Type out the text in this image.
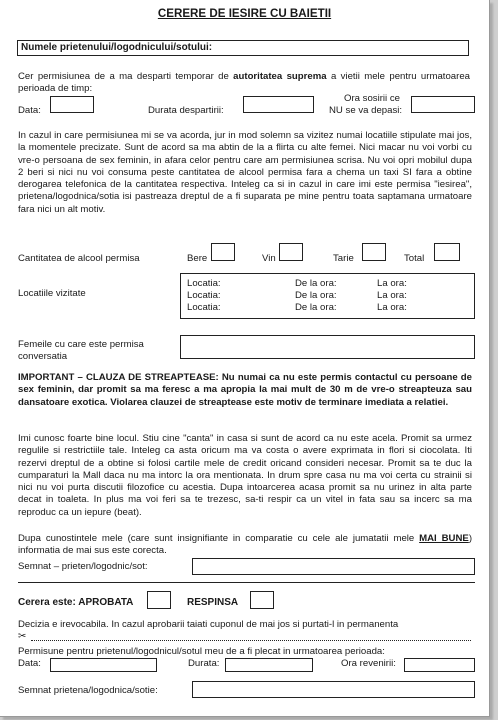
CERERE DE IESIRE CU BAIETII
Numele prietenului/logodnicului/sotului:
Cer permisiunea de a ma desparti temporar de autoritatea suprema a vietii mele pentru urmatoarea perioada de timp:
Data:	Durata despartirii:
Ora sosirii ce
NU se va depasi:
In cazul in care permisiunea mi se va acorda, jur in mod solemn sa vizitez numai locatiile stipulate mai jos, la momentele precizate. Sunt de acord sa ma abtin de la a flirta cu alte femei. Nici macar nu voi vorbi cu vre-o persoana de sex feminin, in afara celor pentru care am permisiunea scrisa. Nu voi opri mobilul dupa 2 beri si nici nu voi consuma peste cantitatea de alcool permisa fara a chema un taxi SI fara a obtine derogarea telefonica de la cantitatea respectiva. Inteleg ca si in cazul in care imi este permisa "iesirea", prietena/logodnica/sotia isi pastreaza dreptul de a fi suparata pe mine pentru toata saptamana urmatoare fara nici un alt motiv.
Cantitatea de alcool permisa	Bere	Vin	Tarie	Total
Locatiile vizitate
Locatia:	De la ora:	La ora:
Locatia:	De la ora:	La ora:
Locatia:	De la ora:	La ora:
Femeile cu care este permisa
conversatia
IMPORTANT – CLAUZA DE STREAPTEASE: Nu numai ca nu este permis contactul cu persoane de sex feminin, dar promit sa ma feresc a ma apropia la mai mult de 30 m de vre-o streapteuza sau dansatoare exotica. Violarea clauzei de streaptease este motiv de terminare imediata a relatiei.
Imi cunosc foarte bine locul. Stiu cine "canta" in casa si sunt de acord ca nu este acela. Promit sa urmez regulile si restrictiile tale. Inteleg ca asta oricum ma va costa o avere exprimata in flori si ciocolata. Iti rezervi dreptul de a obtine si folosi cartile mele de credit oricand consideri necesar. Promit sa te duc la cumparaturi la Mall daca nu ma intorc la ora mentionata. In drum spre casa nu ma voi certa cu strainii si nici nu voi purta discutii filozofice cu acestia. Dupa intoarcerea acasa promit sa nu urinez in alta parte decat in toaleta. In plus ma voi feri sa te trezesc, sa-ti respir ca un vitel in fata sau sa incerc sa ma reproduc ca un iepure (beat).
Dupa cunostintele mele (care sunt insignifiante in comparatie cu cele ale jumatatii mele MAI BUNE) informatia de mai sus este corecta.
Semnat – prieten/logodnic/sot:
Cerera este: APROBATA	RESPINSA
Decizia e irevocabila. In cazul aprobarii taiati cuponul de mai jos si purtati-l in permanenta
✂
Permisune pentru prietenul/logodnicul/sotul meu de a fi plecat in urmatoarea perioada:
Data:	Durata:	Ora revenirii:
Semnat prietena/logodnica/sotie:
